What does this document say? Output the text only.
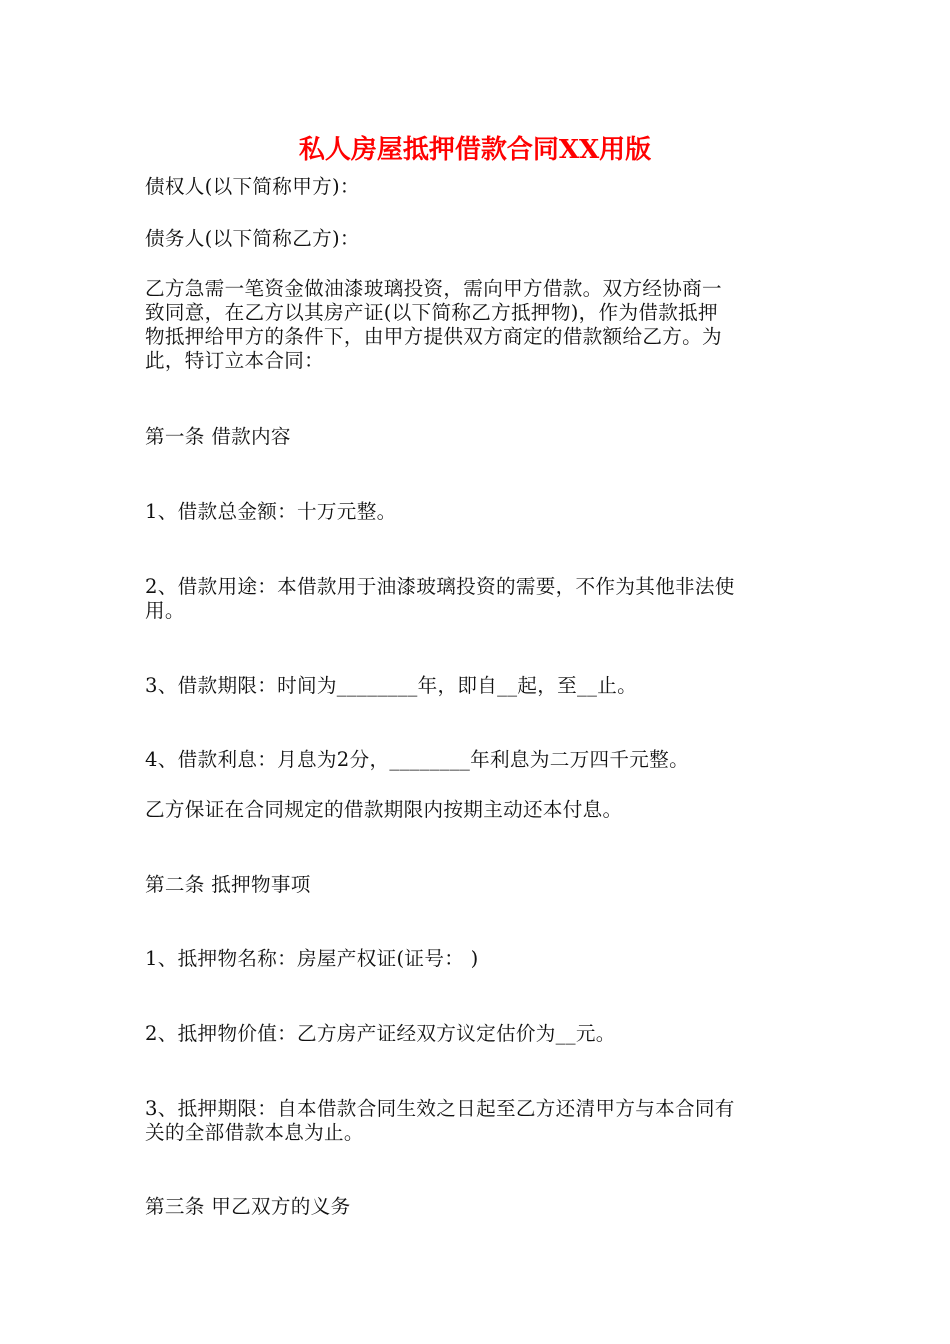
私人房屋抵押借款合同XX用版
债权人(以下简称甲方)：
债务人(以下简称乙方)：
乙方急需一笔资金做油漆玻璃投资，需向甲方借款。双方经协商一
致同意，在乙方以其房产证(以下简称乙方抵押物)，作为借款抵押
物抵押给甲方的条件下，由甲方提供双方商定的借款额给乙方。为
此，特订立本合同：
第一条 借款内容
1、借款总金额：十万元整。
2、借款用途：本借款用于油漆玻璃投资的需要，不作为其他非法使
用。
3、借款期限：时间为________年，即自__起，至__止。
4、借款利息：月息为2分，________年利息为二万四千元整。
乙方保证在合同规定的借款期限内按期主动还本付息。
第二条 抵押物事项
1、抵押物名称：房屋产权证(证号： )
2、抵押物价值：乙方房产证经双方议定估价为__元。
3、抵押期限：自本借款合同生效之日起至乙方还清甲方与本合同有
关的全部借款本息为止。
第三条 甲乙双方的义务
